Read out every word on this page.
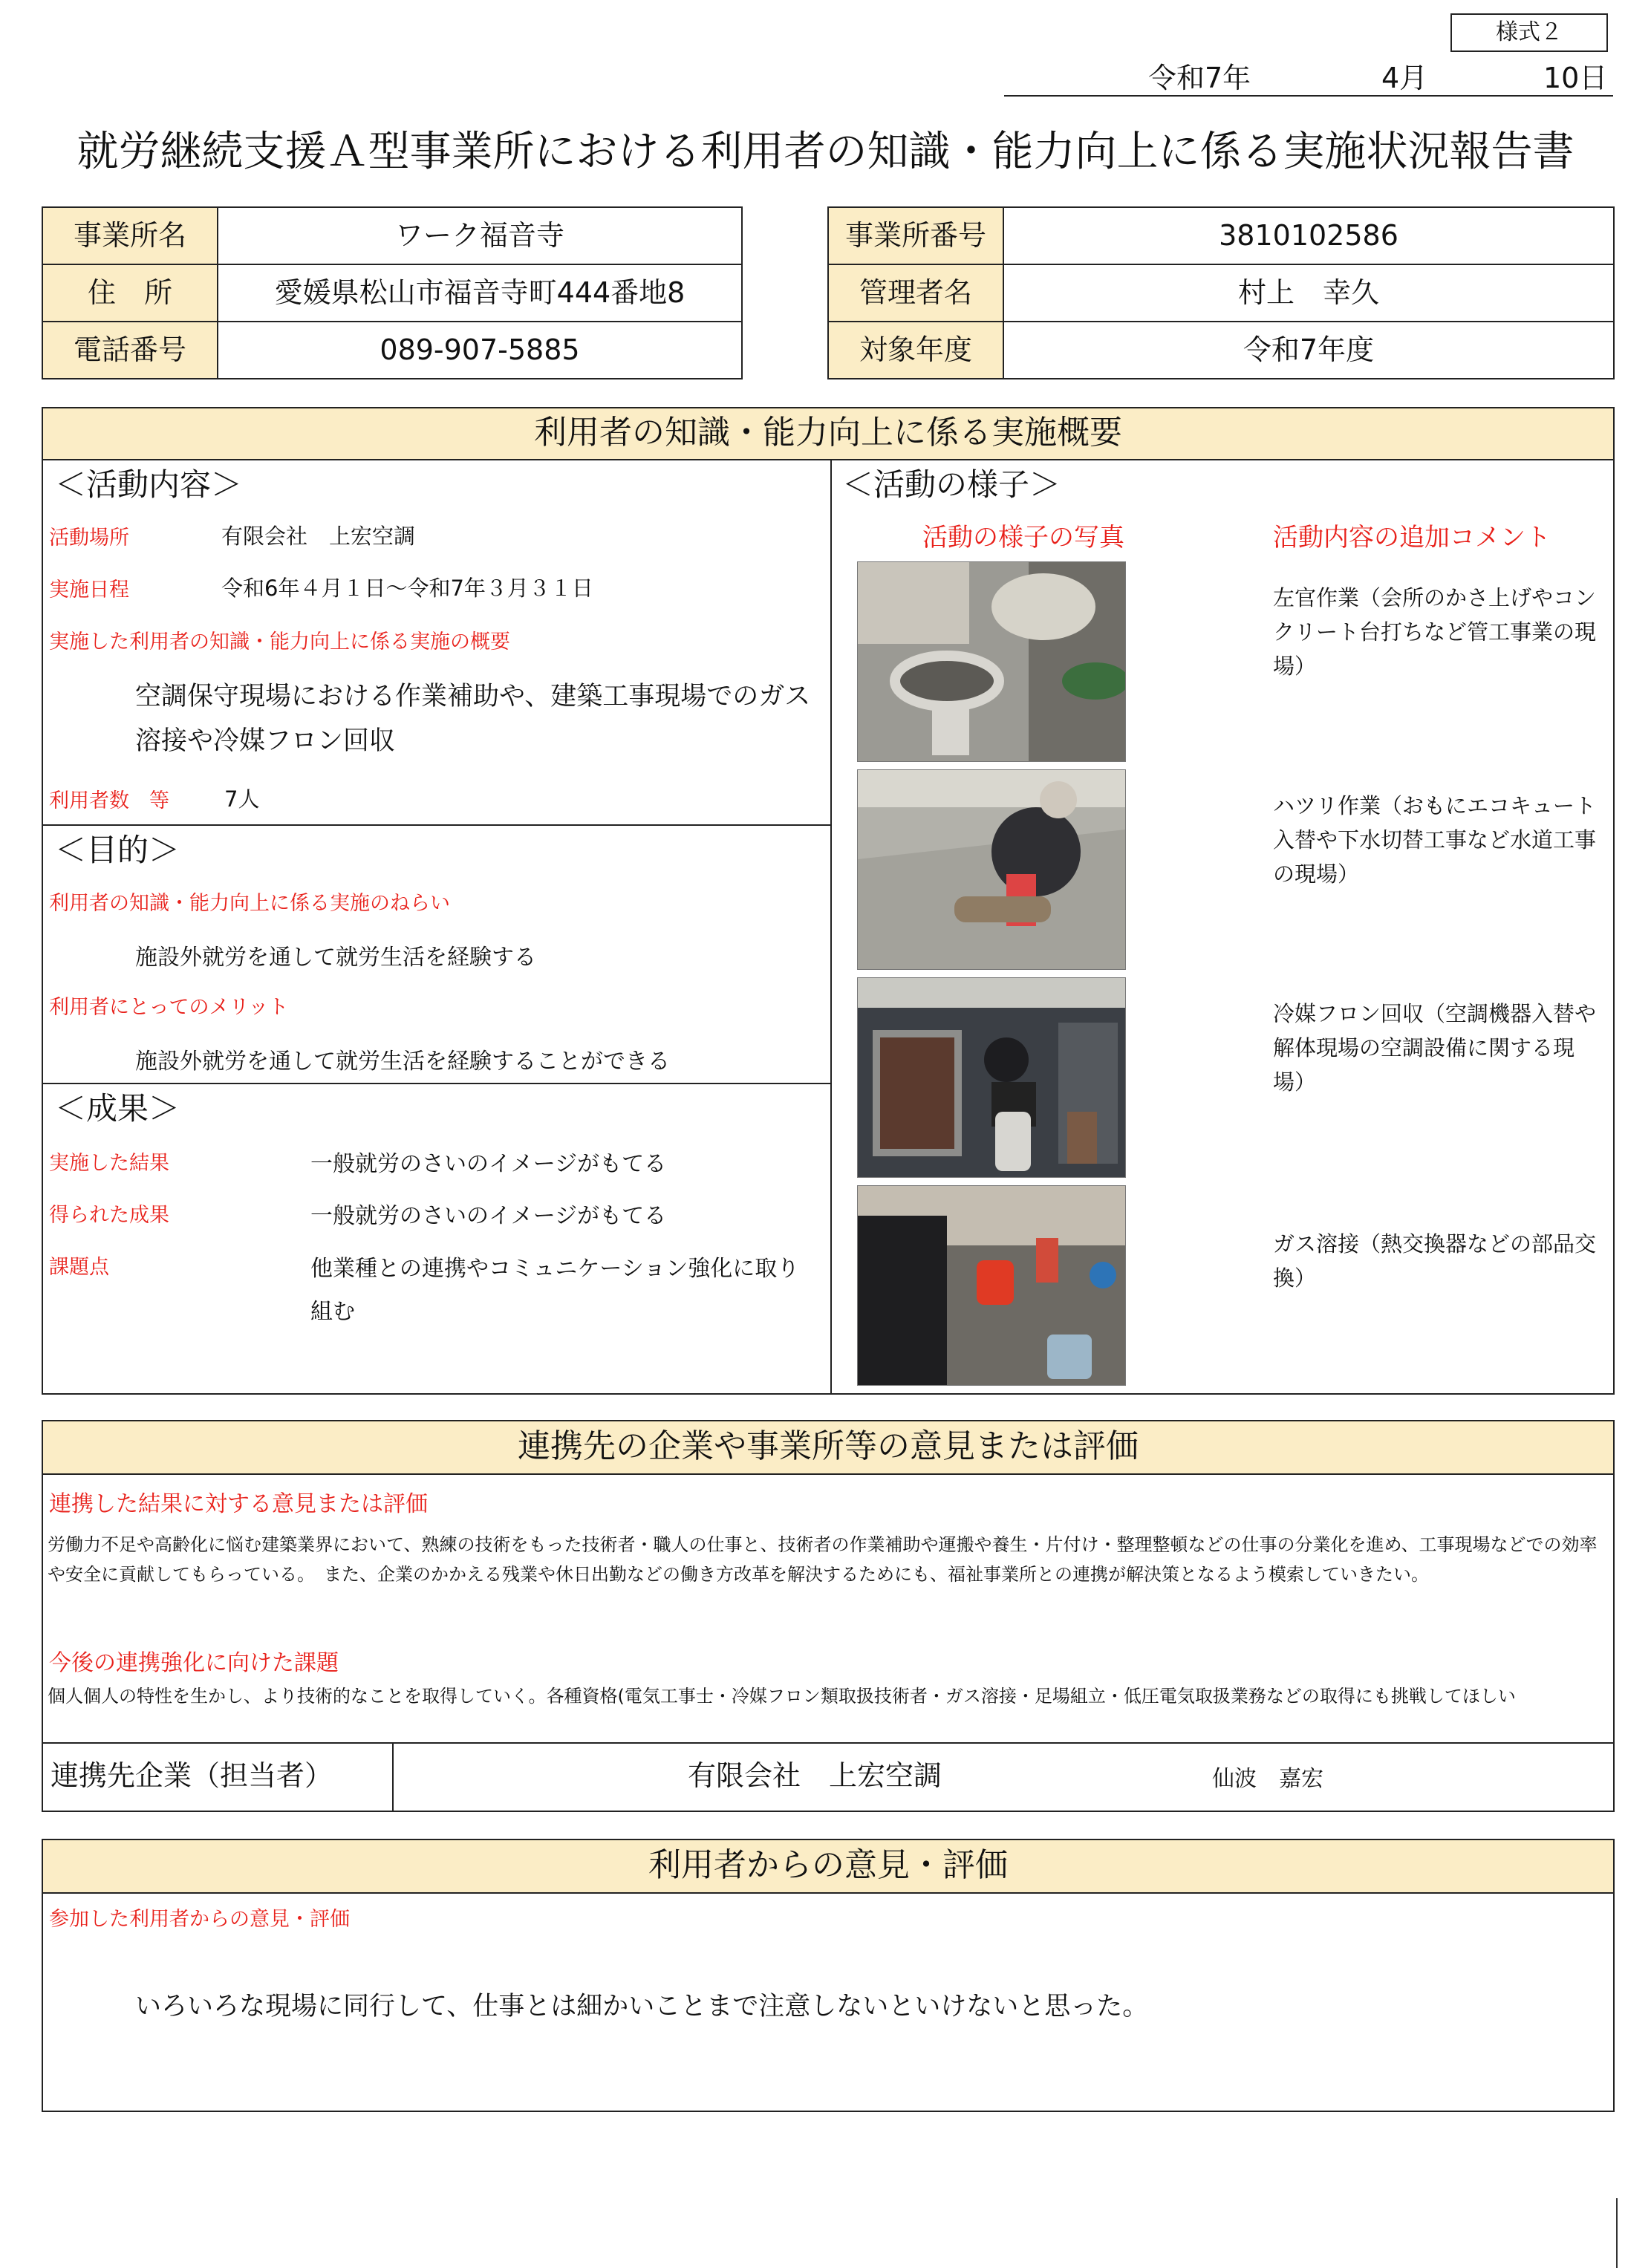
様式２
令和7年	4月	10日
就労継続支援Ａ型事業所における利用者の知識・能力向上に係る実施状況報告書
事業所名	ワーク福音寺
住　所	愛媛県松山市福音寺町444番地8
電話番号	089-907-5885
事業所番号	3810102586
管理者名	村上　幸久
対象年度	令和7年度
利用者の知識・能力向上に係る実施概要
＜活動内容＞
活動場所	有限会社　上宏空調
実施日程	令和6年４月１日～令和7年３月３１日
実施した利用者の知識・能力向上に係る実施の概要
空調保守現場における作業補助や、建築工事現場でのガス溶接や冷媒フロン回収
利用者数　等	7人
＜目的＞
利用者の知識・能力向上に係る実施のねらい
施設外就労を通して就労生活を経験する
利用者にとってのメリット
施設外就労を通して就労生活を経験することができる
＜成果＞
実施した結果	一般就労のさいのイメージがもてる
得られた成果	一般就労のさいのイメージがもてる
課題点	他業種との連携やコミュニケーション強化に取り組む
＜活動の様子＞
活動の様子の写真	活動内容の追加コメント
左官作業（会所のかさ上げやコンクリート台打ちなど管工事業の現場）
ハツリ作業（おもにエコキュート入替や下水切替工事など水道工事の現場）
冷媒フロン回収（空調機器入替や解体現場の空調設備に関する現場）
ガス溶接（熱交換器などの部品交換）
連携先の企業や事業所等の意見または評価
連携した結果に対する意見または評価
労働力不足や高齢化に悩む建築業界において、熟練の技術をもった技術者・職人の仕事と、技術者の作業補助や運搬や養生・片付け・整理整頓などの仕事の分業化を進め、工事現場などでの効率や安全に貢献してもらっている。　また、企業のかかえる残業や休日出勤などの働き方改革を解決するためにも、福祉事業所との連携が解決策となるよう模索していきたい。
今後の連携強化に向けた課題
個人個人の特性を生かし、より技術的なことを取得していく。各種資格(電気工事士・冷媒フロン類取扱技術者・ガス溶接・足場組立・低圧電気取扱業務などの取得にも挑戦してほしい
連携先企業（担当者）	有限会社　上宏空調	仙波　嘉宏
利用者からの意見・評価
参加した利用者からの意見・評価
いろいろな現場に同行して、仕事とは細かいことまで注意しないといけないと思った。
